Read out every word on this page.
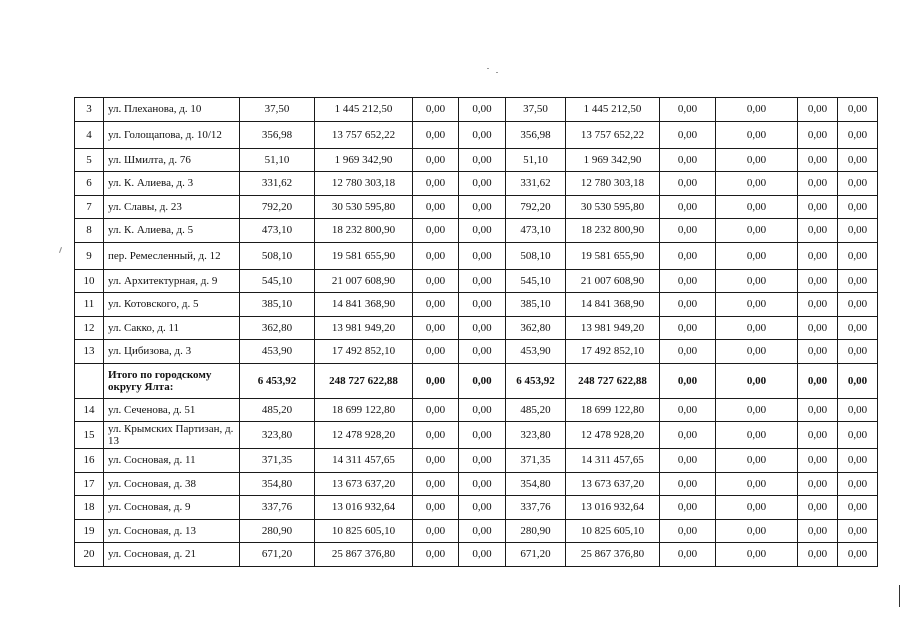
3	ул. Плеханова, д. 10	37,50	1 445 212,50	0,00	0,00	37,50	1 445 212,50	0,00	0,00	0,00	0,00
4	ул. Голощапова, д. 10/12	356,98	13 757 652,22	0,00	0,00	356,98	13 757 652,22	0,00	0,00	0,00	0,00
5	ул. Шмилта, д. 76	51,10	1 969 342,90	0,00	0,00	51,10	1 969 342,90	0,00	0,00	0,00	0,00
6	ул. К. Алиева, д. 3	331,62	12 780 303,18	0,00	0,00	331,62	12 780 303,18	0,00	0,00	0,00	0,00
7	ул. Славы, д. 23	792,20	30 530 595,80	0,00	0,00	792,20	30 530 595,80	0,00	0,00	0,00	0,00
8	ул. К. Алиева, д. 5	473,10	18 232 800,90	0,00	0,00	473,10	18 232 800,90	0,00	0,00	0,00	0,00
9	пер. Ремесленный, д. 12	508,10	19 581 655,90	0,00	0,00	508,10	19 581 655,90	0,00	0,00	0,00	0,00
10	ул. Архитектурная, д. 9	545,10	21 007 608,90	0,00	0,00	545,10	21 007 608,90	0,00	0,00	0,00	0,00
11	ул. Котовского, д. 5	385,10	14 841 368,90	0,00	0,00	385,10	14 841 368,90	0,00	0,00	0,00	0,00
12	ул. Сакко, д. 11	362,80	13 981 949,20	0,00	0,00	362,80	13 981 949,20	0,00	0,00	0,00	0,00
13	ул. Цибизова, д. 3	453,90	17 492 852,10	0,00	0,00	453,90	17 492 852,10	0,00	0,00	0,00	0,00
	Итого по городскому округу Ялта:	6 453,92	248 727 622,88	0,00	0,00	6 453,92	248 727 622,88	0,00	0,00	0,00	0,00
14	ул. Сеченова, д. 51	485,20	18 699 122,80	0,00	0,00	485,20	18 699 122,80	0,00	0,00	0,00	0,00
15	ул. Крымских Партизан, д. 13	323,80	12 478 928,20	0,00	0,00	323,80	12 478 928,20	0,00	0,00	0,00	0,00
16	ул. Сосновая, д. 11	371,35	14 311 457,65	0,00	0,00	371,35	14 311 457,65	0,00	0,00	0,00	0,00
17	ул. Сосновая, д. 38	354,80	13 673 637,20	0,00	0,00	354,80	13 673 637,20	0,00	0,00	0,00	0,00
18	ул. Сосновая, д. 9	337,76	13 016 932,64	0,00	0,00	337,76	13 016 932,64	0,00	0,00	0,00	0,00
19	ул. Сосновая, д. 13	280,90	10 825 605,10	0,00	0,00	280,90	10 825 605,10	0,00	0,00	0,00	0,00
20	ул. Сосновая, д. 21	671,20	25 867 376,80	0,00	0,00	671,20	25 867 376,80	0,00	0,00	0,00	0,00
